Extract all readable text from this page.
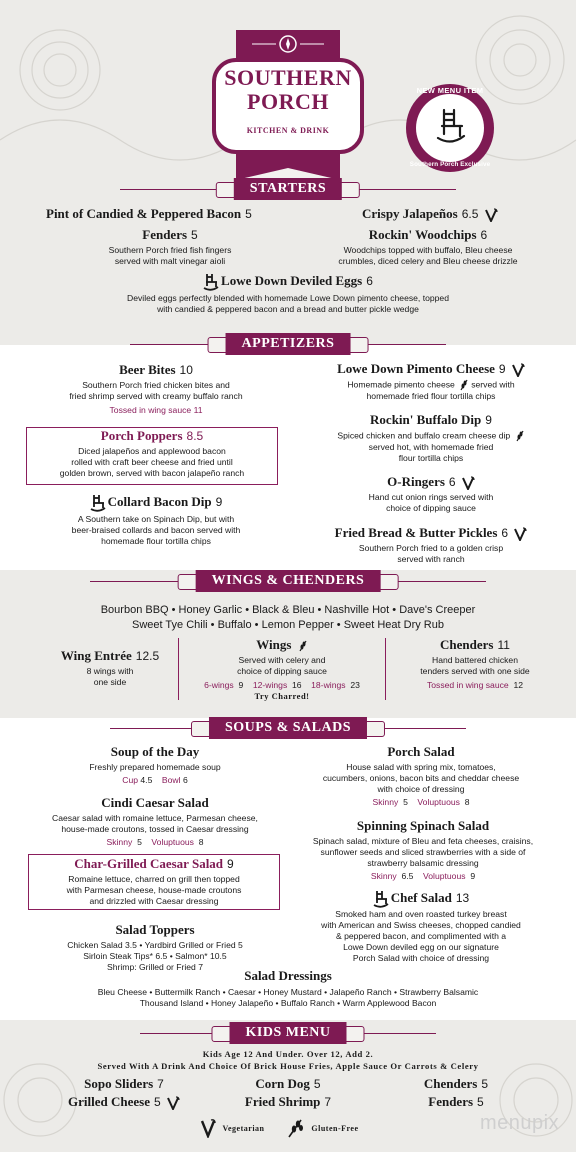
SOUTHERN
PORCH
KITCHEN & DRINK
NEW MENU ITEM
Southern Porch Exclusive
STARTERS
Pint of Candied & Peppered Bacon 5	Crispy Jalapeños 6.5
Fenders 5
Southern Porch fried fish fingers
served with malt vinegar aioli
Rockin' Woodchips 6
Woodchips topped with buffalo, Bleu cheese
crumbles, diced celery and Bleu cheese drizzle
Lowe Down Deviled Eggs 6
Deviled eggs perfectly blended with homemade Lowe Down pimento cheese, topped
with candied & peppered bacon and a bread and butter pickle wedge
APPETIZERS
Beer Bites 10
Southern Porch fried chicken bites and
fried shrimp served with creamy buffalo ranch
Tossed in wing sauce 11
Porch Poppers 8.5
Diced jalapeños and applewood bacon
rolled with craft beer cheese and fried until
golden brown, served with bacon jalapeño ranch
Collard Bacon Dip 9
A Southern take on Spinach Dip, but with
beer-braised collards and bacon served with
homemade flour tortilla chips
Lowe Down Pimento Cheese 9
Homemade pimento cheese served with
homemade fried flour tortilla chips
Rockin' Buffalo Dip 9
Spiced chicken and buffalo cream cheese dip
served hot, with homemade fried
flour tortilla chips
O-Ringers 6
Hand cut onion rings served with
choice of dipping sauce
Fried Bread & Butter Pickles 6
Southern Porch fried to a golden crisp
served with ranch
WINGS & CHENDERS
Bourbon BBQ • Honey Garlic • Black & Bleu • Nashville Hot • Dave's Creeper
Sweet Tye Chili • Buffalo • Lemon Pepper • Sweet Heat Dry Rub
Wing Entrée 12.5
8 wings with
one side
Wings
Served with celery and
choice of dipping sauce
6-wings 9 12-wings 16 18-wings 23
Try Charred!
Chenders 11
Hand battered chicken
tenders served with one side
Tossed in wing sauce 12
SOUPS & SALADS
Soup of the Day
Freshly prepared homemade soup
Cup 4.5 Bowl 6
Cindi Caesar Salad
Caesar salad with romaine lettuce, Parmesan cheese,
house-made croutons, tossed in Caesar dressing
Skinny 5 Voluptuous 8
Char-Grilled Caesar Salad 9
Romaine lettuce, charred on grill then topped
with Parmesan cheese, house-made croutons
and drizzled with Caesar dressing
Salad Toppers
Chicken Salad 3.5 • Yardbird Grilled or Fried 5
Sirloin Steak Tips* 6.5 • Salmon* 10.5
Shrimp: Grilled or Fried 7
Porch Salad
House salad with spring mix, tomatoes,
cucumbers, onions, bacon bits and cheddar cheese
with choice of dressing
Skinny 5 Voluptuous 8
Spinning Spinach Salad
Spinach salad, mixture of Bleu and feta cheeses, craisins,
sunflower seeds and sliced strawberries with a side of
strawberry balsamic dressing
Skinny 6.5 Voluptuous 9
Chef Salad 13
Smoked ham and oven roasted turkey breast
with American and Swiss cheeses, chopped candied
& peppered bacon, and complimented with a
Lowe Down deviled egg on our signature
Porch Salad with choice of dressing
Salad Dressings
Bleu Cheese • Buttermilk Ranch • Caesar • Honey Mustard • Jalapeño Ranch • Strawberry Balsamic
Thousand Island • Honey Jalapeño • Buffalo Ranch • Warm Applewood Bacon
KIDS MENU
Kids Age 12 And Under. Over 12, Add 2.
Served With A Drink And Choice Of Brick House Fries, Apple Sauce Or Carrots & Celery
Sopo Sliders 7
Grilled Cheese 5
Corn Dog 5
Fried Shrimp 7
Chenders 5
Fenders 5
Vegetarian	Gluten-Free	menupix
